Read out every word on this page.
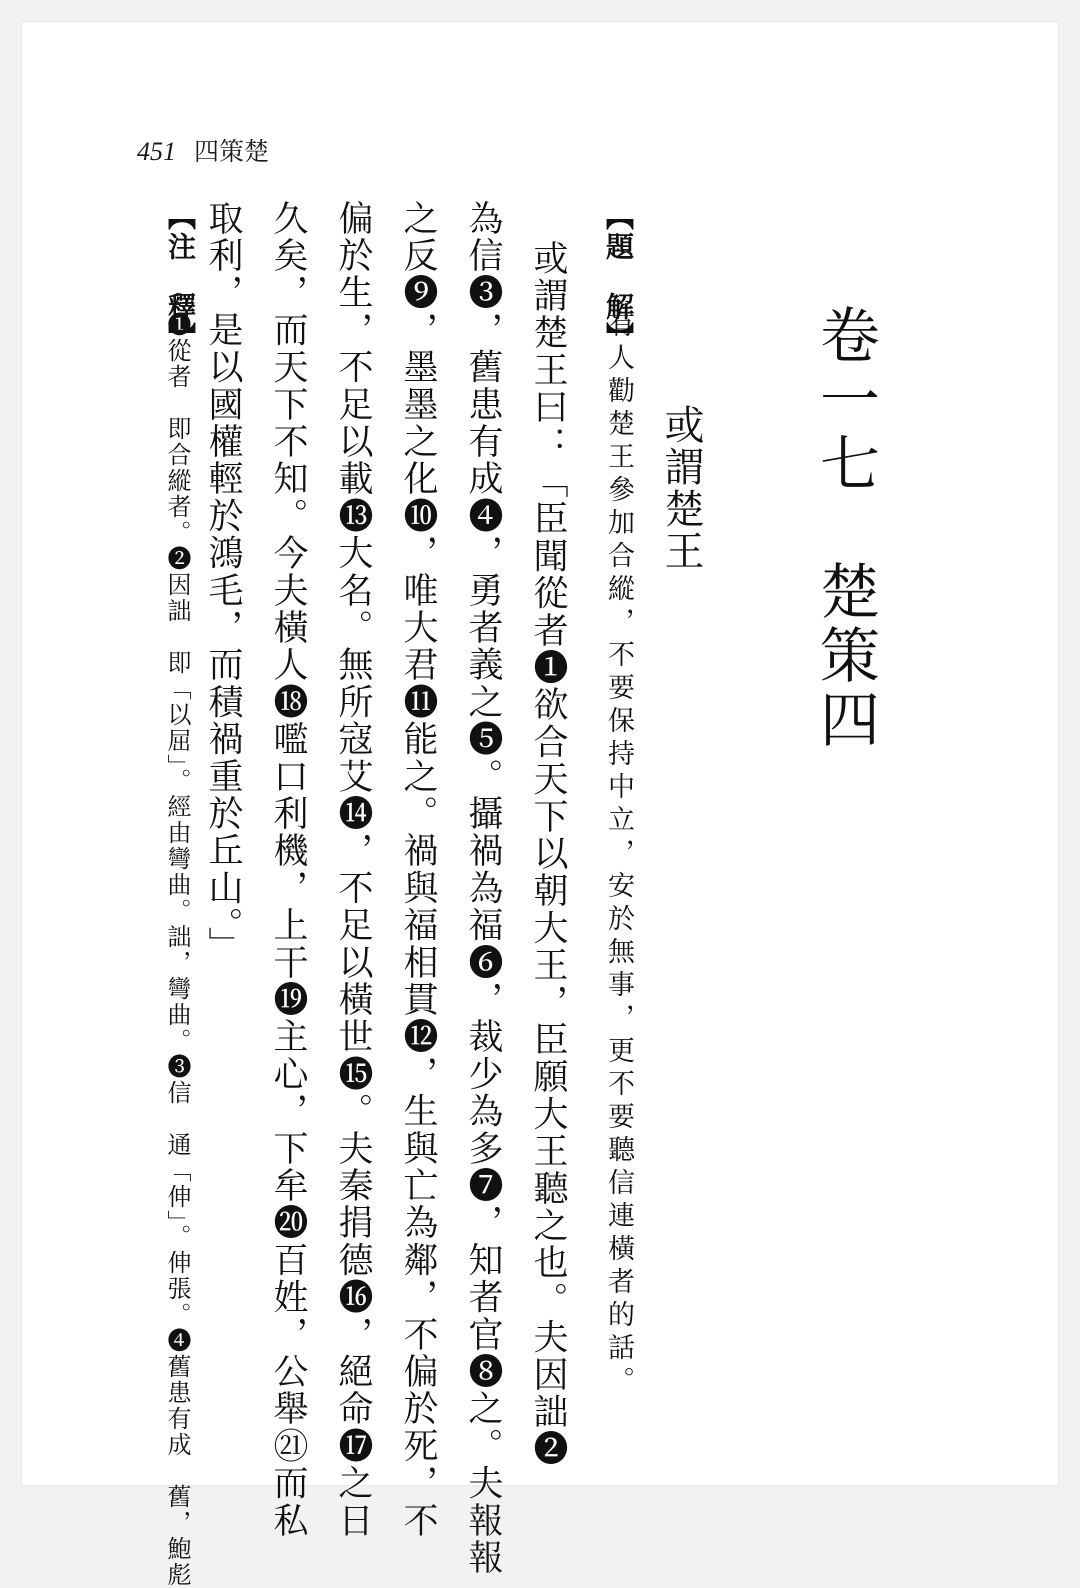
451 四策楚
卷一七　楚策四
或謂楚王
【題　解】
有人勸楚王參加合縱，不要保持中立，安於無事，更不要聽信連橫者的話。
或謂楚王曰：「臣聞從者❶欲合天下以朝大王，臣願大王聽之也。夫因詘❷
為信❸，舊患有成❹，勇者義之❺。攝禍為福❻，裁少為多❼，知者官❽之。夫報報
之反❾，墨墨之化❿，唯大君⓫能之。禍與福相貫⓬，生與亡為鄰，不偏於死，不
偏於生，不足以載⓭大名。無所寇艾⓮，不足以橫世⓯。夫秦捐德⓰，絕命⓱之日
久矣，而天下不知。今夫橫人⓲嚂口利機，上干⓳主心，下牟⓴百姓，公舉㉑而私
取利，是以國權輕於鴻毛，而積禍重於丘山。」
【注　釋】
❶從者　即合縱者。❷因詘　即「以屈」。經由彎曲。詘，彎曲。❸信　通「伸」。伸張。❹舊患有成　舊，鮑彪
